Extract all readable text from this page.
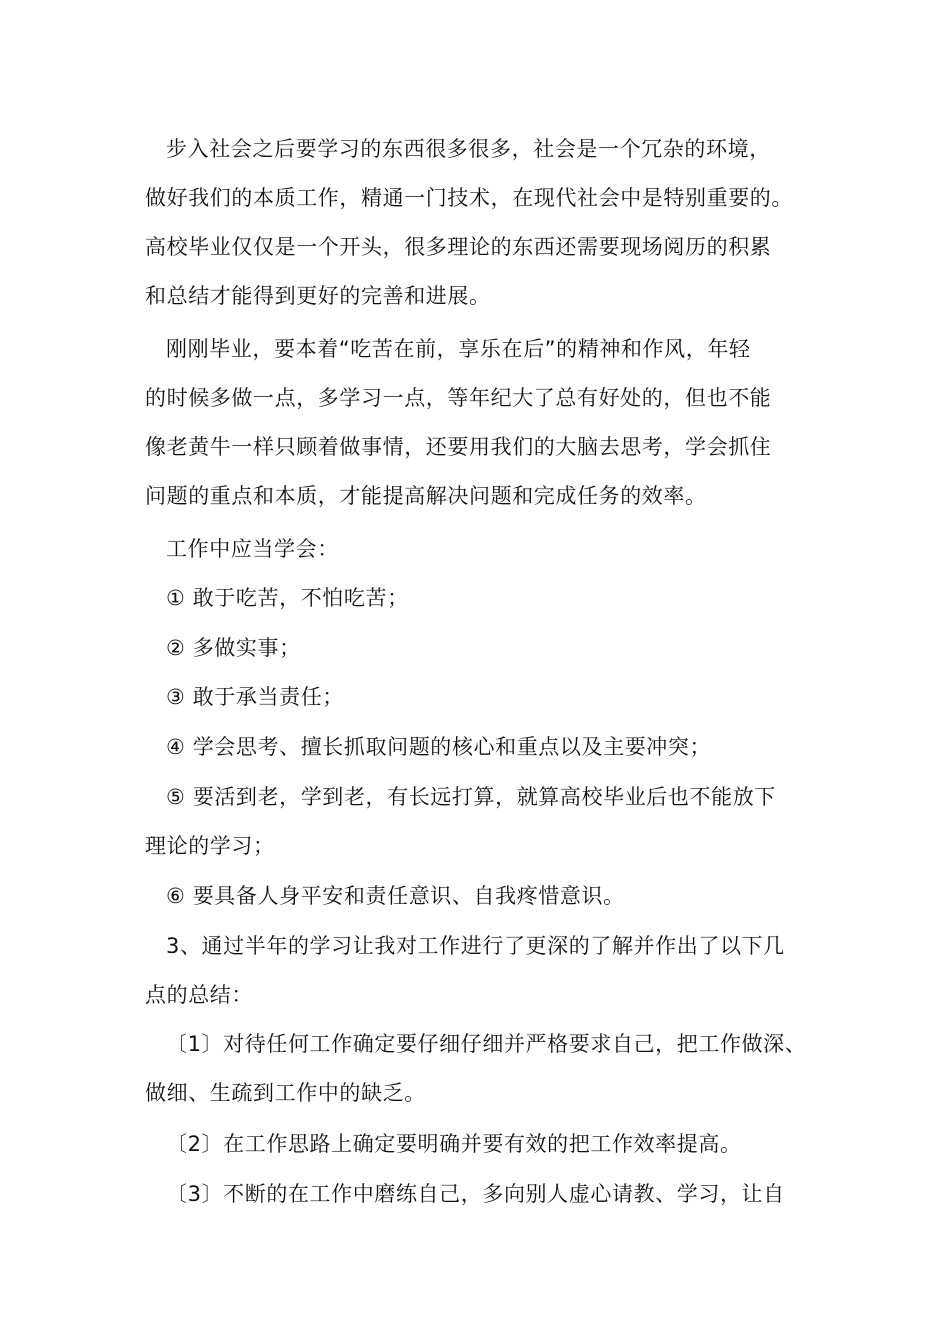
步入社会之后要学习的东西很多很多，社会是一个冗杂的环境，
做好我们的本质工作，精通一门技术，在现代社会中是特别重要的。
高校毕业仅仅是一个开头，很多理论的东西还需要现场阅历的积累
和总结才能得到更好的完善和进展。
刚刚毕业，要本着“吃苦在前，享乐在后”的精神和作风，年轻
的时候多做一点，多学习一点，等年纪大了总有好处的，但也不能
像老黄牛一样只顾着做事情，还要用我们的大脑去思考，学会抓住
问题的重点和本质，才能提高解决问题和完成任务的效率。
工作中应当学会：
① 敢于吃苦，不怕吃苦；
② 多做实事；
③ 敢于承当责任；
④ 学会思考、擅长抓取问题的核心和重点以及主要冲突；
⑤ 要活到老，学到老，有长远打算，就算高校毕业后也不能放下
理论的学习；
⑥ 要具备人身平安和责任意识、自我疼惜意识。
3、通过半年的学习让我对工作进行了更深的了解并作出了以下几
点的总结：
〔1〕对待任何工作确定要仔细仔细并严格要求自己，把工作做深、
做细、生疏到工作中的缺乏。
〔2〕在工作思路上确定要明确并要有效的把工作效率提高。
〔3〕不断的在工作中磨练自己，多向别人虚心请教、学习，让自
